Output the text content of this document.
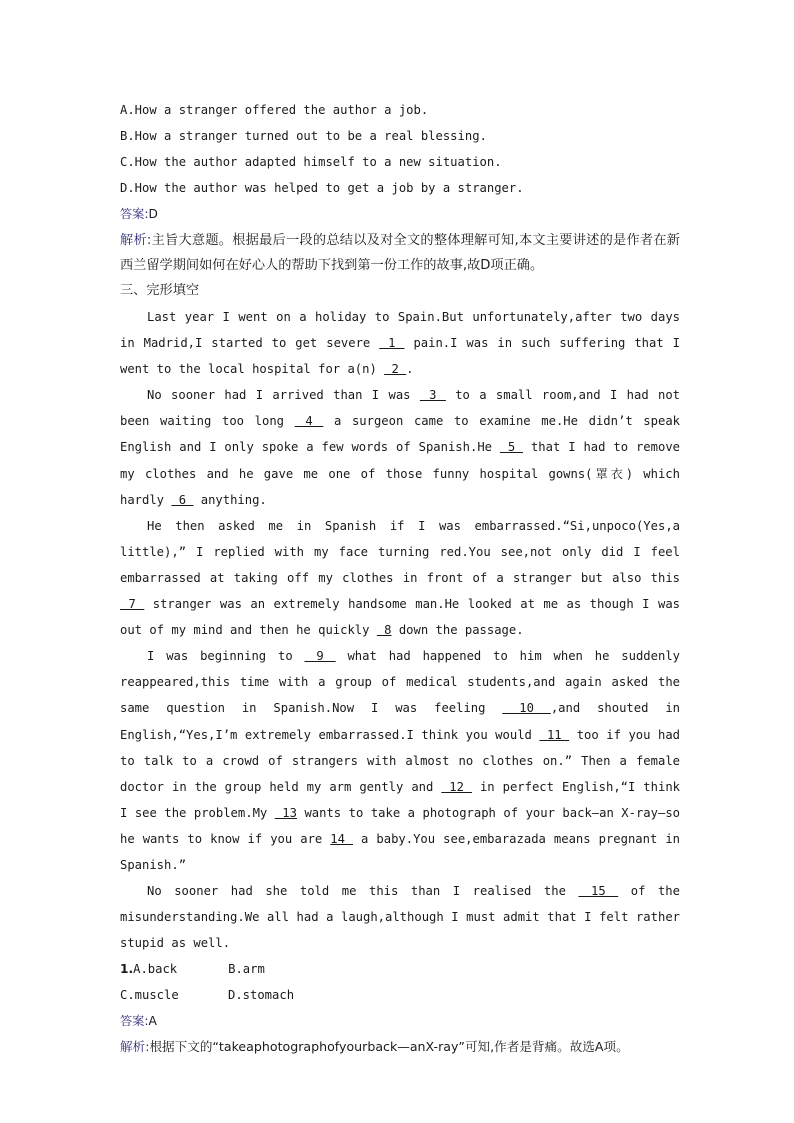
A.How a stranger offered the author a job.
B.How a stranger turned out to be a real blessing.
C.How the author adapted himself to a new situation.
D.How the author was helped to get a job by a stranger.
答案:D
解析:主旨大意题。根据最后一段的总结以及对全文的整体理解可知,本文主要讲述的是作者在新西兰留学期间如何在好心人的帮助下找到第一份工作的故事,故D项正确。
三、完形填空
Last year I went on a holiday to Spain.But unfortunately,after two days in Madrid,I started to get severe  1  pain.I was in such suffering that I went to the local hospital for a(n)  2 .
No sooner had I arrived than I was  3  to a small room,and I had not been waiting too long  4  a surgeon came to examine me.He didn’t speak English and I only spoke a few words of Spanish.He  5  that I had to remove my clothes and he gave me one of those funny hospital gowns(罩衣) which hardly  6  anything.
He then asked me in Spanish if I was embarrassed.“Si,unpoco(Yes,a little),” I replied with my face turning red.You see,not only did I feel embarrassed at taking off my clothes in front of a stranger but also this  7  stranger was an extremely handsome man.He looked at me as though I was out of my mind and then he quickly  8 down the passage.
I was beginning to  9  what had happened to him when he suddenly reappeared,this time with a group of medical students,and again asked the same question in Spanish.Now I was feeling  10 ,and shouted in English,“Yes,I’m extremely embarrassed.I think you would  11  too if you had to talk to a crowd of strangers with almost no clothes on.” Then a female doctor in the group held my arm gently and  12  in perfect English,“I think I see the problem.My  13 wants to take a photograph of your back—an X-ray—so he wants to know if you are 14  a baby.You see,embarazada means pregnant in Spanish.”
No sooner had she told me this than I realised the  15  of the misunderstanding.We all had a laugh,although I must admit that I felt rather stupid as well.
1.A.back	B.arm
C.muscle	D.stomach
答案:A
解析:根据下文的“takeaphotographofyourback—anX-ray”可知,作者是背痛。故选A项。
